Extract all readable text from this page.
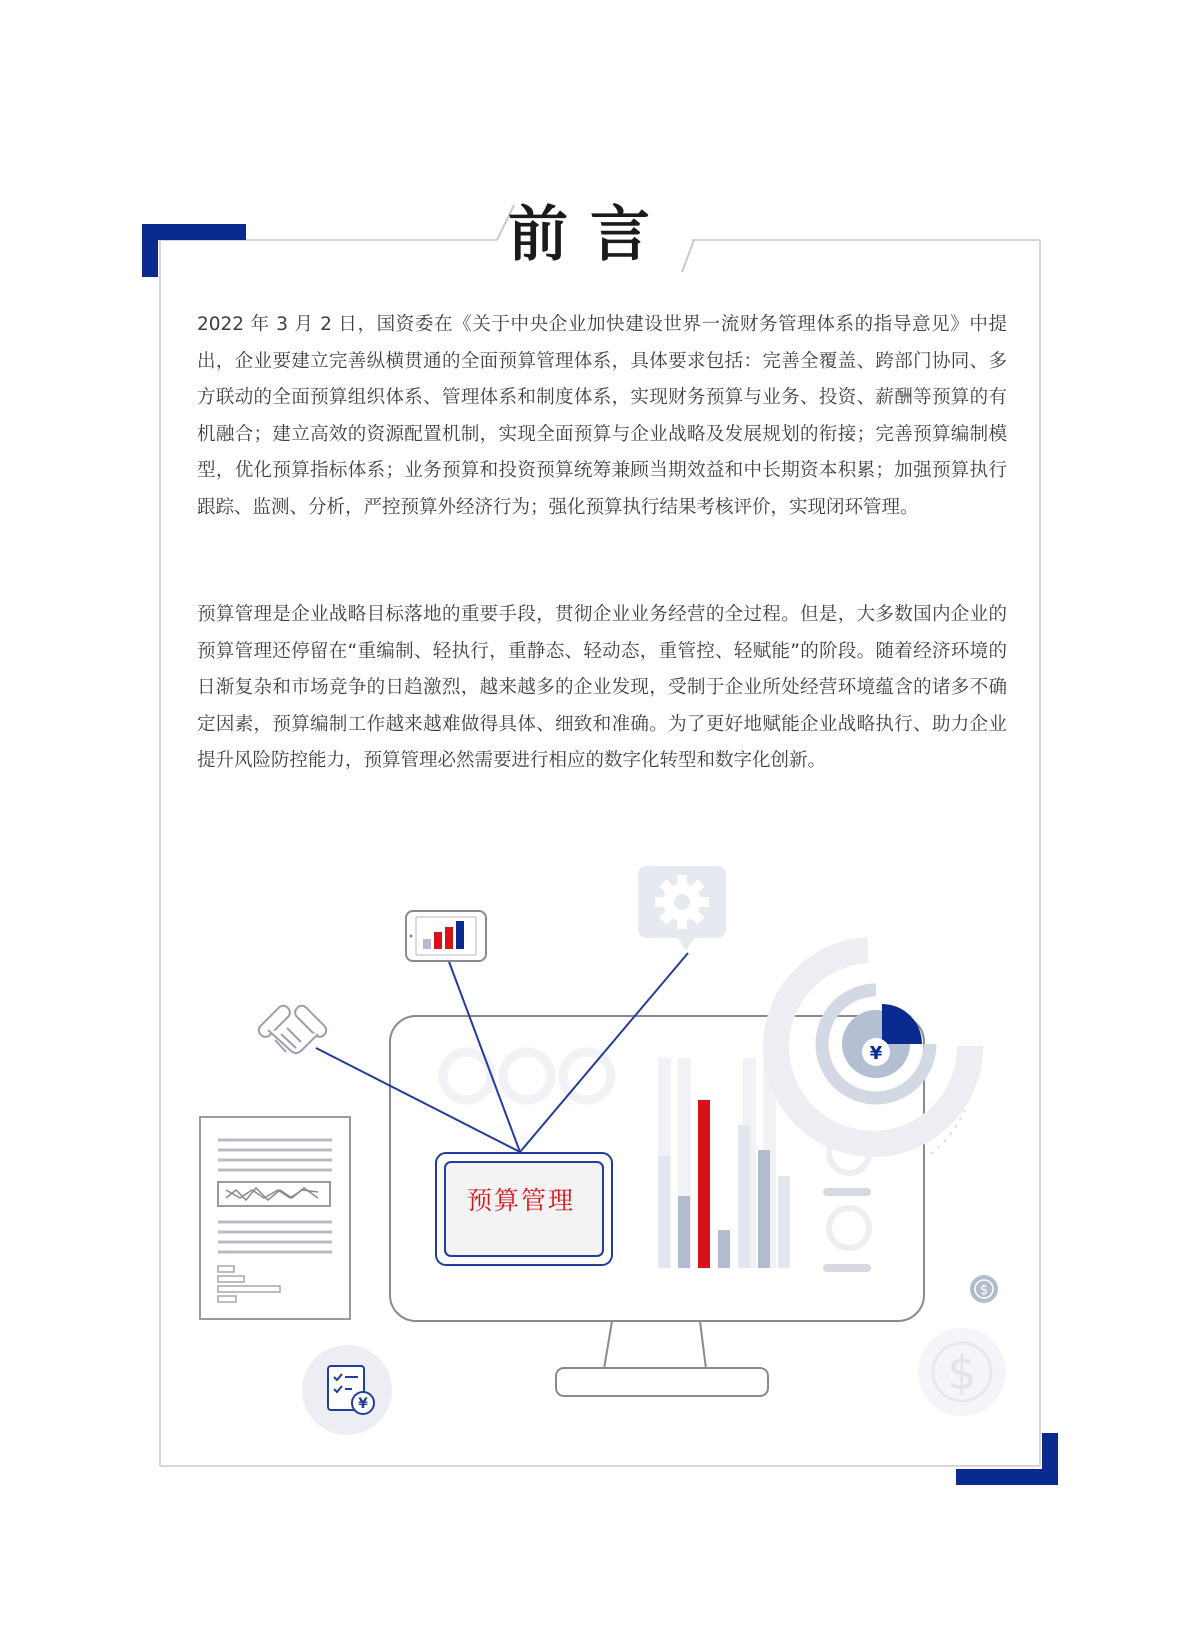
前言

2022 年 3 月 2 日，国资委在《关于中央企业加快建设世界一流财务管理体系的指导意见》中提出，企业要建立完善纵横贯通的全面预算管理体系，具体要求包括：完善全覆盖、跨部门协同、多方联动的全面预算组织体系、管理体系和制度体系，实现财务预算与业务、投资、薪酬等预算的有机融合；建立高效的资源配置机制，实现全面预算与企业战略及发展规划的衔接；完善预算编制模型，优化预算指标体系；业务预算和投资预算统筹兼顾当期效益和中长期资本积累；加强预算执行跟踪、监测、分析，严控预算外经济行为；强化预算执行结果考核评价，实现闭环管理。

预算管理是企业战略目标落地的重要手段，贯彻企业业务经营的全过程。但是，大多数国内企业的预算管理还停留在“重编制、轻执行，重静态、轻动态，重管控、轻赋能”的阶段。随着经济环境的日渐复杂和市场竞争的日趋激烈，越来越多的企业发现，受制于企业所处经营环境蕴含的诸多不确定因素，预算编制工作越来越难做得具体、细致和准确。为了更好地赋能企业战略执行、助力企业提升风险防控能力，预算管理必然需要进行相应的数字化转型和数字化创新。

¥
¥
$
$
预算管理
